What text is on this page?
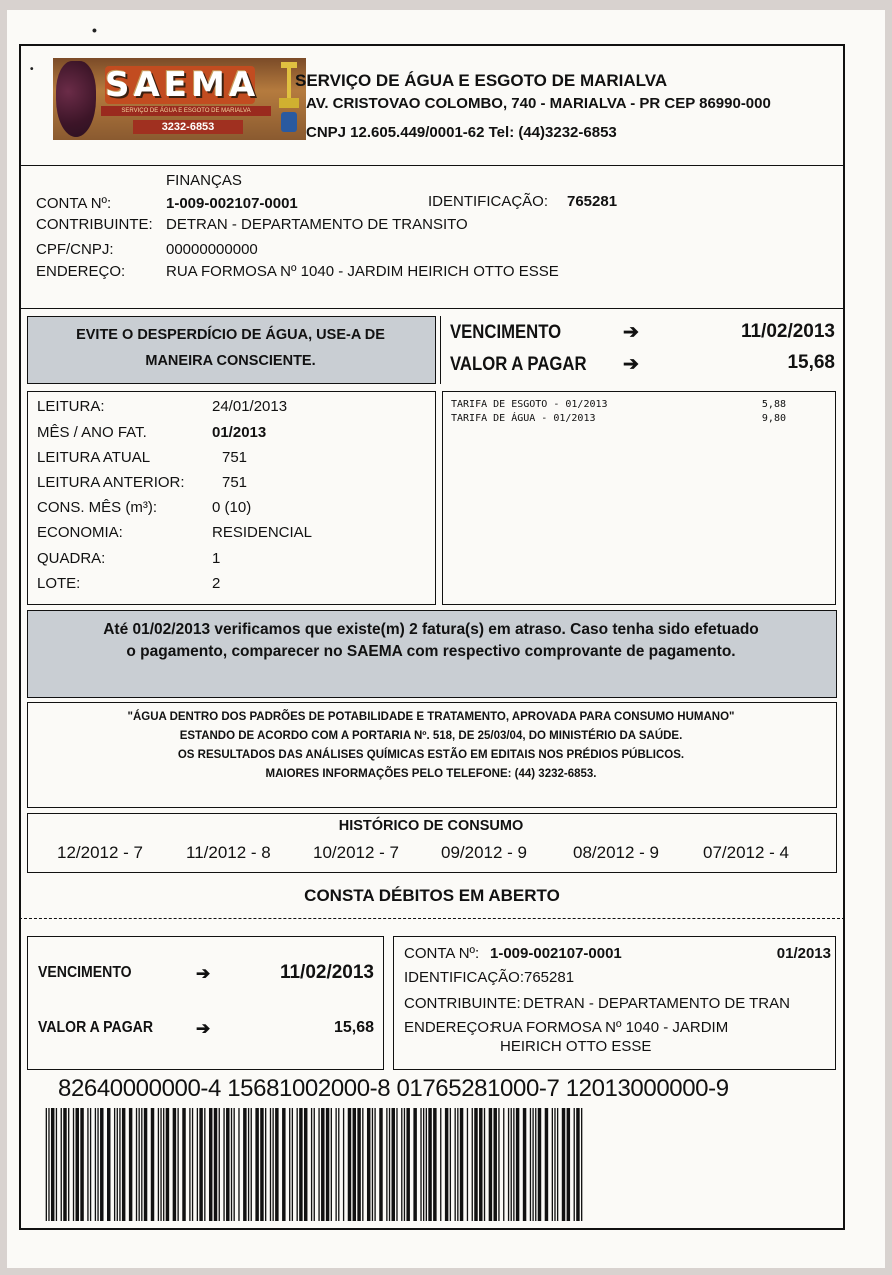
•
• SAEMA
SERVIÇO DE ÁGUA E ESGOTO DE MARIALVA
3232-6853
SERVIÇO DE ÁGUA E ESGOTO DE MARIALVA
AV. CRISTOVAO COLOMBO, 740 - MARIALVA - PR CEP 86990-000
CNPJ 12.605.449/0001-62 Tel: (44)3232-6853
FINANÇAS
CONTA Nº:	1-009-002107-0001	IDENTIFICAÇÃO: 765281
CONTRIBUINTE: DETRAN - DEPARTAMENTO DE TRANSITO
CPF/CNPJ:	00000000000
ENDEREÇO:	RUA FORMOSA Nº 1040 - JARDIM HEIRICH OTTO ESSE
EVITE O DESPERDÍCIO DE ÁGUA, USE-A DE
MANEIRA CONSCIENTE.
VENCIMENTO	➔	11/02/2013
VALOR A PAGAR ➔	15,68
LEITURA:	24/01/2013
MÊS / ANO FAT.	01/2013
LEITURA ATUAL	751
LEITURA ANTERIOR: 751
CONS. MÊS (m³):	0 (10)
ECONOMIA:	RESIDENCIAL
QUADRA:	1
LOTE:	2
TARIFA DE ESGOTO - 01/2013	5,88
TARIFA DE ÁGUA - 01/2013	9,80
Até 01/02/2013 verificamos que existe(m) 2 fatura(s) em atraso. Caso tenha sido efetuado
o pagamento, comparecer no SAEMA com respectivo comprovante de pagamento.
"ÁGUA DENTRO DOS PADRÕES DE POTABILIDADE E TRATAMENTO, APROVADA PARA CONSUMO HUMANO"
ESTANDO DE ACORDO COM A PORTARIA Nº. 518, DE 25/03/04, DO MINISTÉRIO DA SAÚDE.
OS RESULTADOS DAS ANÁLISES QUÍMICAS ESTÃO EM EDITAIS NOS PRÉDIOS PÚBLICOS.
MAIORES INFORMAÇÕES PELO TELEFONE: (44) 3232-6853.
HISTÓRICO DE CONSUMO
12/2012 - 7	11/2012 - 8 10/2012 - 7 09/2012 - 9	08/2012 - 9	07/2012 - 4
CONSTA DÉBITOS EM ABERTO
VENCIMENTO	➔	11/02/2013
VALOR A PAGAR	➔	15,68
CONTA Nº: 1-009-002107-0001	01/2013
IDENTIFICAÇÃO: 765281
CONTRIBUINTE: DETRAN - DEPARTAMENTO DE TRAN
ENDEREÇO:
RUA FORMOSA Nº 1040 - JARDIM
HEIRICH OTTO ESSE
82640000000-4 15681002000-8 01765281000-7 12013000000-9
